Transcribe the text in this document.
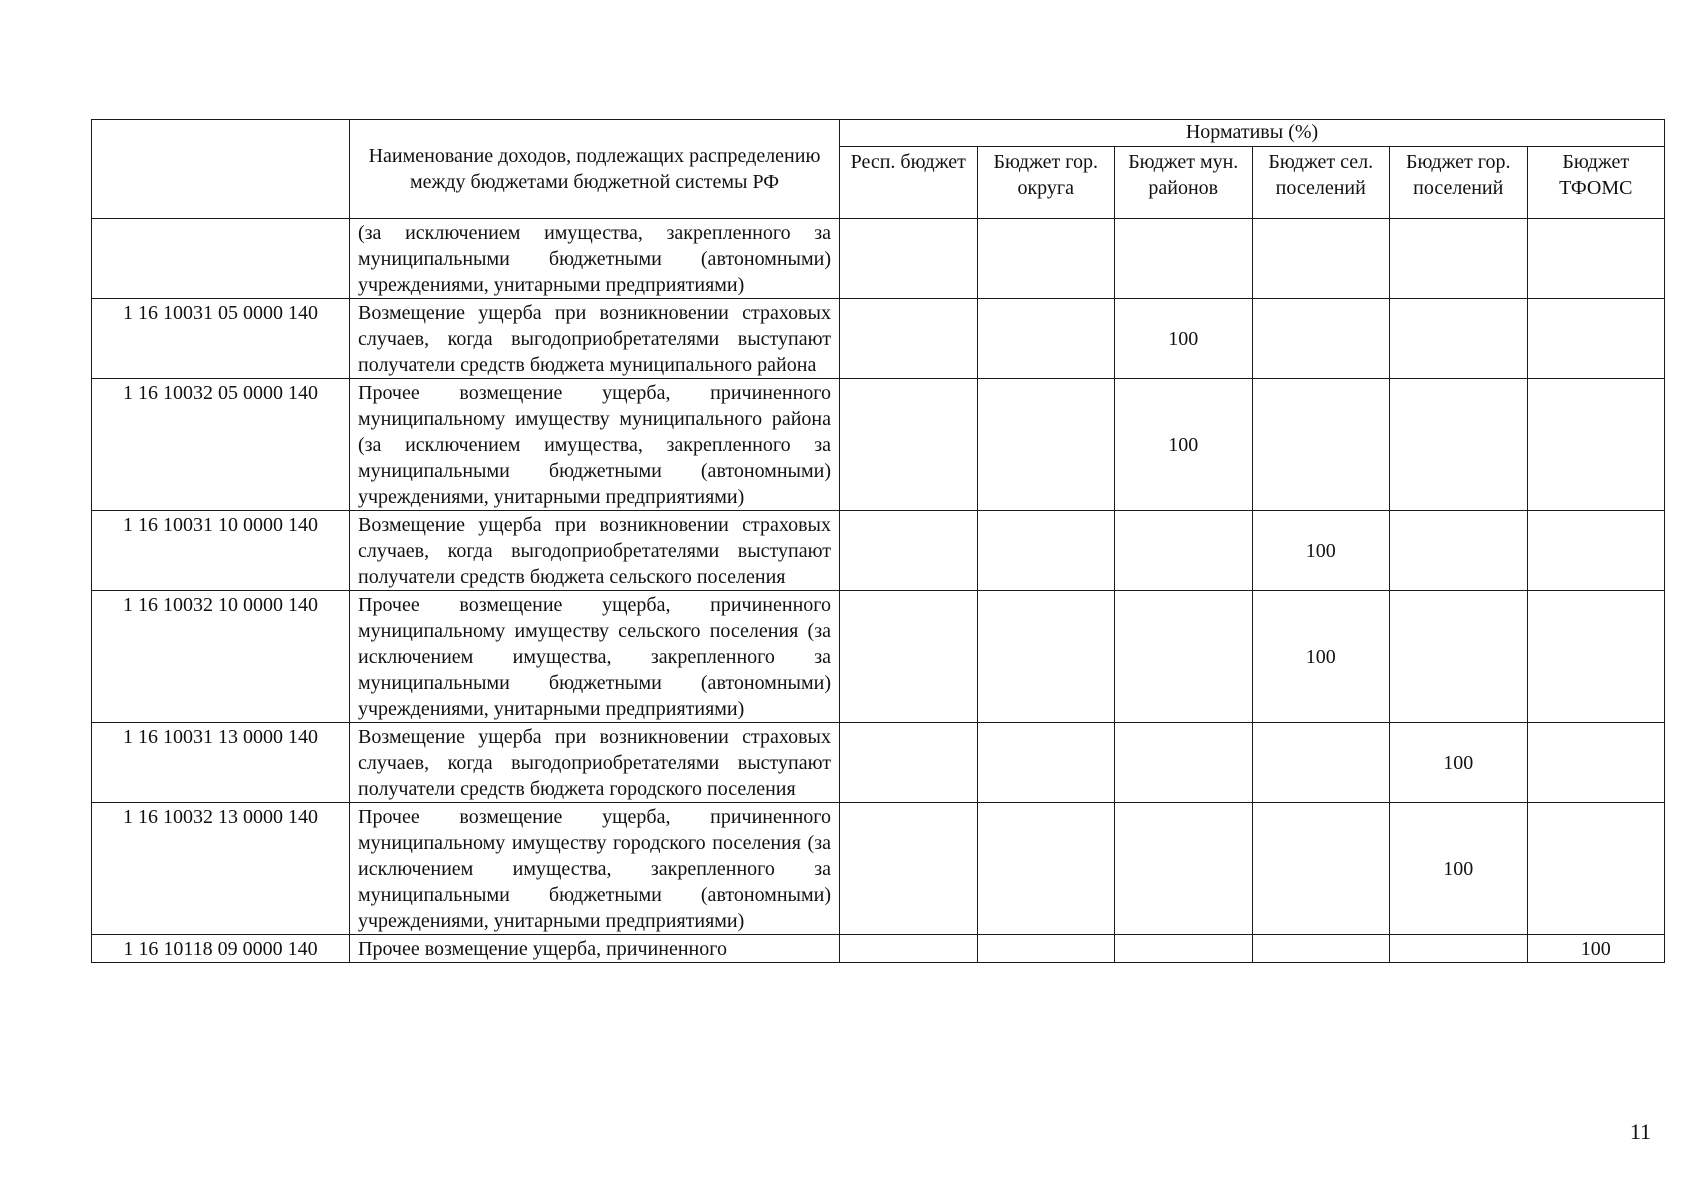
	Наименование доходов, подлежащих распределению между бюджетами бюджетной системы РФ	Нормативы (%)					
		Респ. бюджет	Бюджет гор. округа	Бюджет мун. районов	Бюджет сел. поселений	Бюджет гор. поселений	Бюджет ТФОМС
	(за исключением имущества, закрепленного за муниципальными бюджетными (автономными) учреждениями, унитарными предприятиями)						
1 16 10031 05 0000 140	Возмещение ущерба при возникновении страховых случаев, когда выгодоприобретателями выступают получатели средств бюджета муниципального района			100			
1 16 10032 05 0000 140	Прочее возмещение ущерба, причиненного муниципальному имуществу муниципального района (за исключением имущества, закрепленного за муниципальными бюджетными (автономными) учреждениями, унитарными предприятиями)			100			
1 16 10031 10 0000 140	Возмещение ущерба при возникновении страховых случаев, когда выгодоприобретателями выступают получатели средств бюджета сельского поселения				100		
1 16 10032 10 0000 140	Прочее возмещение ущерба, причиненного муниципальному имуществу сельского поселения (за исключением имущества, закрепленного за муниципальными бюджетными (автономными) учреждениями, унитарными предприятиями)				100		
1 16 10031 13 0000 140	Возмещение ущерба при возникновении страховых случаев, когда выгодоприобретателями выступают получатели средств бюджета городского поселения					100	
1 16 10032 13 0000 140	Прочее возмещение ущерба, причиненного муниципальному имуществу городского поселения (за исключением имущества, закрепленного за муниципальными бюджетными (автономными) учреждениями, унитарными предприятиями)					100	
1 16 10118 09 0000 140	Прочее возмещение ущерба, причиненного						100
11
